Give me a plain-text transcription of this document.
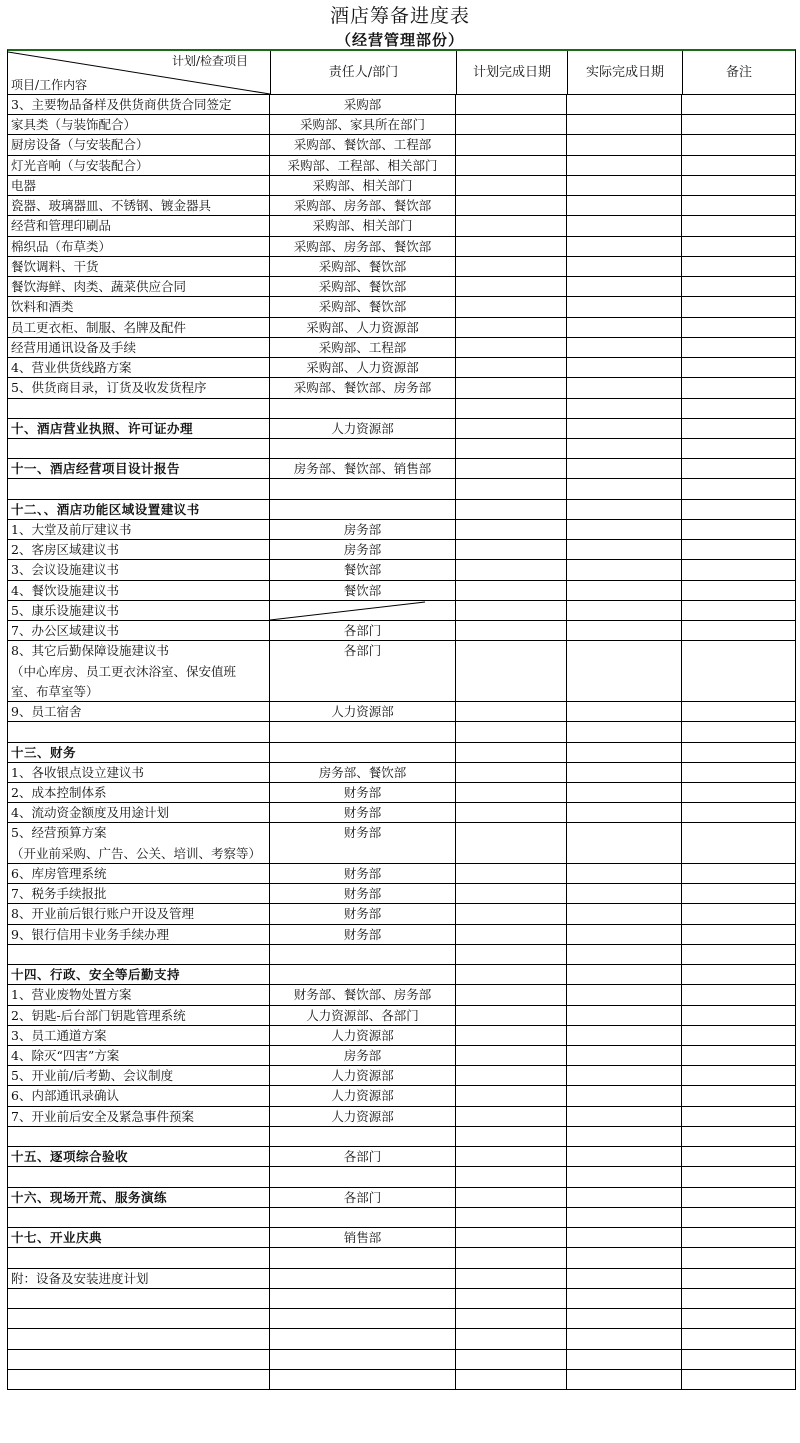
酒店筹备进度表
（经营管理部份）
计划/检查项目
项目/工作内容
责任人/部门	计划完成日期	实际完成日期	备注
3、主要物品备样及供货商供货合同签定	采购部
家具类（与装饰配合）	采购部、家具所在部门
厨房设备（与安装配合）	采购部、餐饮部、工程部
灯光音响（与安装配合）	采购部、工程部、相关部门
电器	采购部、相关部门
瓷器、玻璃器皿、不锈钢、镀金器具	采购部、房务部、餐饮部
经营和管理印刷品	采购部、相关部门
棉织品（布草类）	采购部、房务部、餐饮部
餐饮调料、干货	采购部、餐饮部
餐饮海鲜、肉类、蔬菜供应合同	采购部、餐饮部
饮料和酒类	采购部、餐饮部
员工更衣柜、制服、名牌及配件	采购部、人力资源部
经营用通讯设备及手续	采购部、工程部
4、营业供货线路方案	采购部、人力资源部
5、供货商目录，订货及收发货程序	采购部、餐饮部、房务部
十、酒店营业执照、许可证办理	人力资源部
十一、酒店经营项目设计报告	房务部、餐饮部、销售部
十二、、酒店功能区域设置建议书
1、大堂及前厅建议书	房务部
2、客房区域建议书	房务部
3、会议设施建议书	餐饮部
4、餐饮设施建议书	餐饮部
5、康乐设施建议书
7、办公区域建议书	各部门
8、其它后勤保障设施建议书	各部门
（中心库房、员工更衣沐浴室、保安值班
室、布草室等）
9、员工宿舍	人力资源部
十三、财务
1、各收银点设立建议书	房务部、餐饮部
2、成本控制体系	财务部
4、流动资金额度及用途计划	财务部
5、经营预算方案	财务部
（开业前采购、广告、公关、培训、考察等）
6、库房管理系统	财务部
7、税务手续报批	财务部
8、开业前后银行账户开设及管理	财务部
9、银行信用卡业务手续办理	财务部
十四、行政、安全等后勤支持
1、营业废物处置方案	财务部、餐饮部、房务部
2、钥匙-后台部门钥匙管理系统	人力资源部、各部门
3、员工通道方案	人力资源部
4、除灭“四害”方案	房务部
5、开业前/后考勤、会议制度	人力资源部
6、内部通讯录确认	人力资源部
7、开业前后安全及紧急事件预案	人力资源部
十五、逐项综合验收	各部门
十六、现场开荒、服务演练	各部门
十七、开业庆典	销售部
附：设备及安装进度计划
